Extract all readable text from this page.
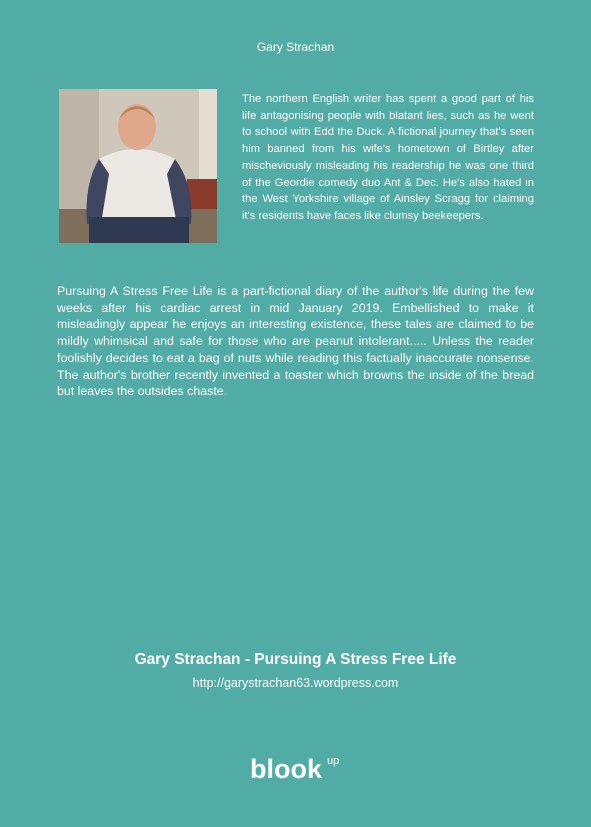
Gary Strachan
The northern English writer has spent a good part of his life antagonising people with blatant lies, such as he went to school with Edd the Duck. A fictional journey that's seen him banned from his wife's hometown of Birtley after mischeviously misleading his readership he was one third of the Geordie comedy duo Ant & Dec. He's also hated in the West Yorkshire village of Ainsley Scragg for claiming it's residents have faces like clumsy beekeepers.
Pursuing A Stress Free Life is a part-fictional diary of the author's life during the few weeks after his cardiac arrest in mid January 2019. Embellished to make it misleadingly appear he enjoys an interesting existence, these tales are claimed to be mildly whimsical and safe for those who are peanut intolerant..... Unless the reader foolishly decides to eat a bag of nuts while reading this factually inaccurate nonsense. The author's brother recently invented a toaster which browns the inside of the bread but leaves the outsides chaste.
Gary Strachan - Pursuing A Stress Free Life
http://garystrachan63.wordpress.com
blook up
